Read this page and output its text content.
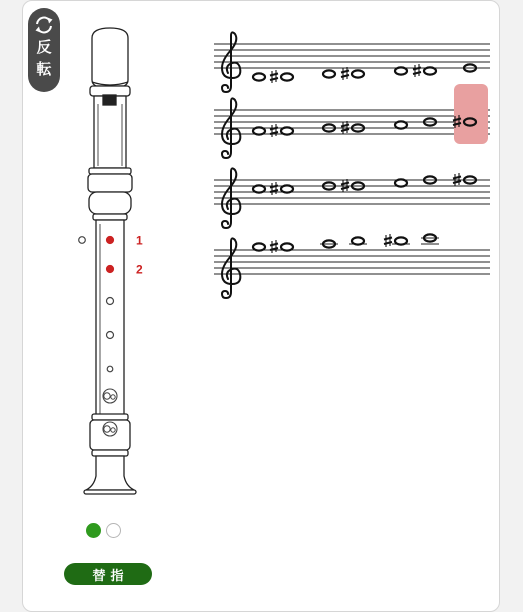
反
転
1
2
替指
